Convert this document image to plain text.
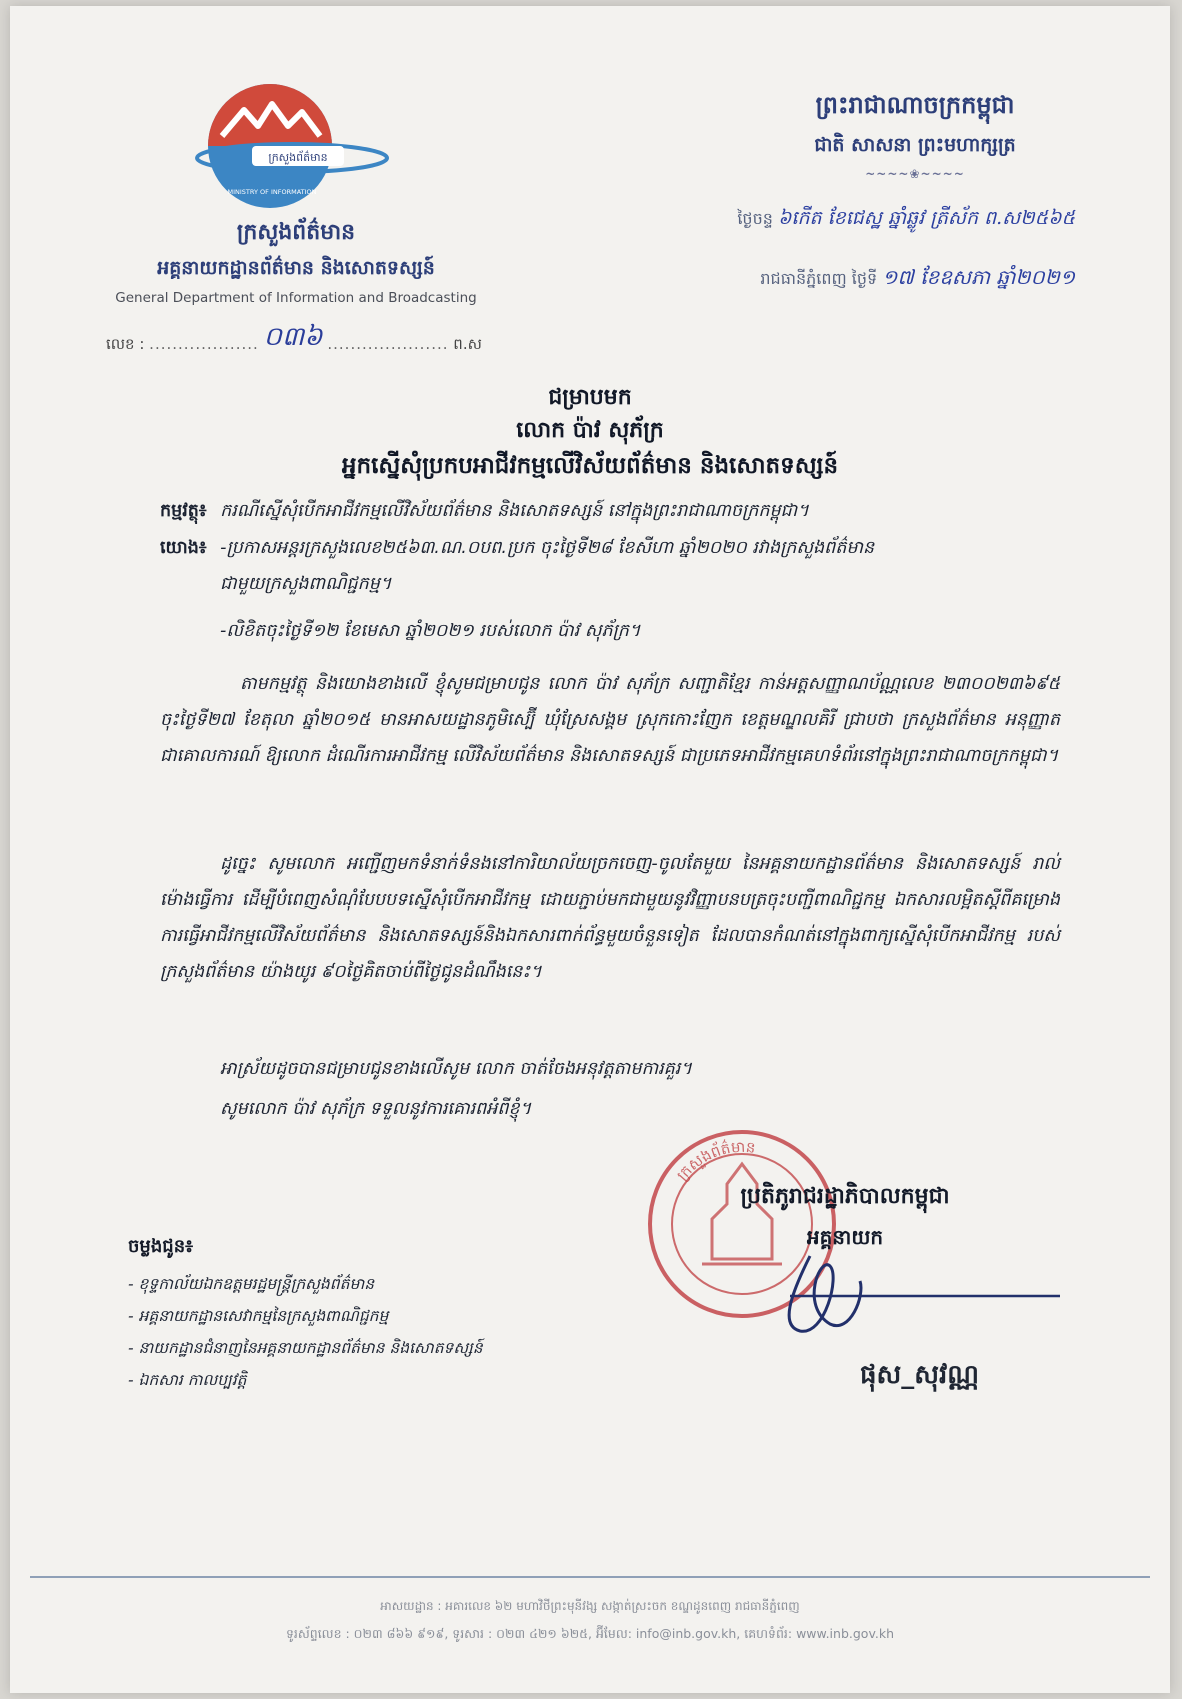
ក្រសួងព័ត៌មាន
MINISTRY OF INFORMATION
ក្រសួងព័ត៌មាន
អគ្គនាយកដ្ឋានព័ត៌មាន និងសោតទស្សន៍
General Department of Information and Broadcasting
លេខ : ................... ០៣៦ ..................... ព.ស
ព្រះរាជាណាចក្រកម្ពុជា
ជាតិ សាសនា ព្រះមហាក្សត្រ
~~~~❀~~~~
ថ្ងៃចន្ទ ៦កើត ខែជេស្ឋ ឆ្នាំឆ្លូវ ត្រីស័ក ព.ស២៥៦៥
រាជធានីភ្នំពេញ ថ្ងៃទី ១៧ ខែឧសភា ឆ្នាំ២០២១
ជម្រាបមក
លោក ប៉ាវ សុភ័ក្រ
អ្នកស្នើសុំប្រកបអាជីវកម្មលើវិស័យព័ត៌មាន និងសោតទស្សន៍
កម្មវត្ថុ៖ ករណីស្នើសុំបើកអាជីវកម្មលើវិស័យព័ត៌មាន និងសោតទស្សន៍ នៅក្នុងព្រះរាជាណាចក្រកម្ពុជា។
យោង៖ -ប្រកាសអន្តរក្រសួងលេខ២៥៦៣.ណ.០បព.ប្រក ចុះថ្ងៃទី២៨ ខែសីហា ឆ្នាំ២០២០ រវាងក្រសួងព័ត៌មាន
ជាមួយក្រសួងពាណិជ្ជកម្ម។
-លិខិតចុះថ្ងៃទី១២ ខែមេសា ឆ្នាំ២០២១ របស់លោក ប៉ាវ សុភ័ក្រ។
តាមកម្មវត្ថុ និងយោងខាងលើ ខ្ញុំសូមជម្រាបជូន លោក ប៉ាវ សុភ័ក្រ សញ្ជាតិខ្មែរ កាន់អត្តសញ្ញាណប័ណ្ណលេខ ២៣០០២៣៦៩៥ ចុះថ្ងៃទី២៧ ខែតុលា ឆ្នាំ២០១៥ មានអាសយដ្ឋានភូមិស្ប៊ើ ឃុំស្រែសង្គម ស្រុកកោះញែក ខេត្តមណ្ឌលគិរី ជ្រាបថា ក្រសួងព័ត៌មាន អនុញ្ញាតជាគោលការណ៍ ឱ្យលោក ដំណើរការអាជីវកម្ម លើវិស័យព័ត៌មាន និងសោតទស្សន៍ ជាប្រភេទអាជីវកម្មគេហទំព័រនៅក្នុងព្រះរាជាណាចក្រកម្ពុជា។
ដូច្នេះ សូមលោក អញ្ជើញមកទំនាក់ទំនងនៅការិយាល័យច្រកចេញ-ចូលតែមួយ នៃអគ្គនាយកដ្ឋានព័ត៌មាន និងសោតទស្សន៍ រាល់ម៉ោងធ្វើការ ដើម្បីបំពេញសំណុំបែបបទស្នើសុំបើកអាជីវកម្ម ដោយភ្ជាប់មកជាមួយនូវវិញ្ញាបនបត្រចុះបញ្ជីពាណិជ្ជកម្ម ឯកសារលម្អិតស្តីពីគម្រោងការធ្វើអាជីវកម្មលើវិស័យព័ត៌មាន និងសោតទស្សន៍និងឯកសារពាក់ព័ន្ធមួយចំនួនទៀត ដែលបានកំណត់នៅក្នុងពាក្យស្នើសុំបើកអាជីវកម្ម របស់ក្រសួងព័ត៌មាន យ៉ាងយូរ ៩០ថ្ងៃគិតចាប់ពីថ្ងៃជូនដំណឹងនេះ។
អាស្រ័យដូចបានជម្រាបជូនខាងលើសូម លោក ចាត់ចែងអនុវត្តតាមការគួរ។
សូមលោក ប៉ាវ សុភ័ក្រ ទទួលនូវការគោរពអំពីខ្ញុំ។
ក្រសួងព័ត៌មាន
ប្រតិភូរាជរដ្ឋាភិបាលកម្ពុជា
អគ្គនាយក
ផុស_សុវណ្ណ
ចម្លងជូន៖
- ខុទ្ទកាល័យឯកឧត្តមរដ្ឋមន្ត្រីក្រសួងព័ត៌មាន
- អគ្គនាយកដ្ឋានសេវាកម្មនៃក្រសួងពាណិជ្ជកម្ម
- នាយកដ្ឋានជំនាញនៃអគ្គនាយកដ្ឋានព័ត៌មាន និងសោតទស្សន៍
- ឯកសារ កាលប្បវត្តិ
អាសយដ្ឋាន : អគារលេខ ៦២ មហាវិថីព្រះមុនីវង្ស សង្កាត់ស្រះចក ខណ្ឌដូនពេញ រាជធានីភ្នំពេញ
ទូរស័ព្ទលេខ : ០២៣ ៨៦៦ ៩១៩, ទូរសារ : ០២៣ ៤២១ ៦២៥, អ៊ីមែល: info@inb.gov.kh, គេហទំព័រ: www.inb.gov.kh
